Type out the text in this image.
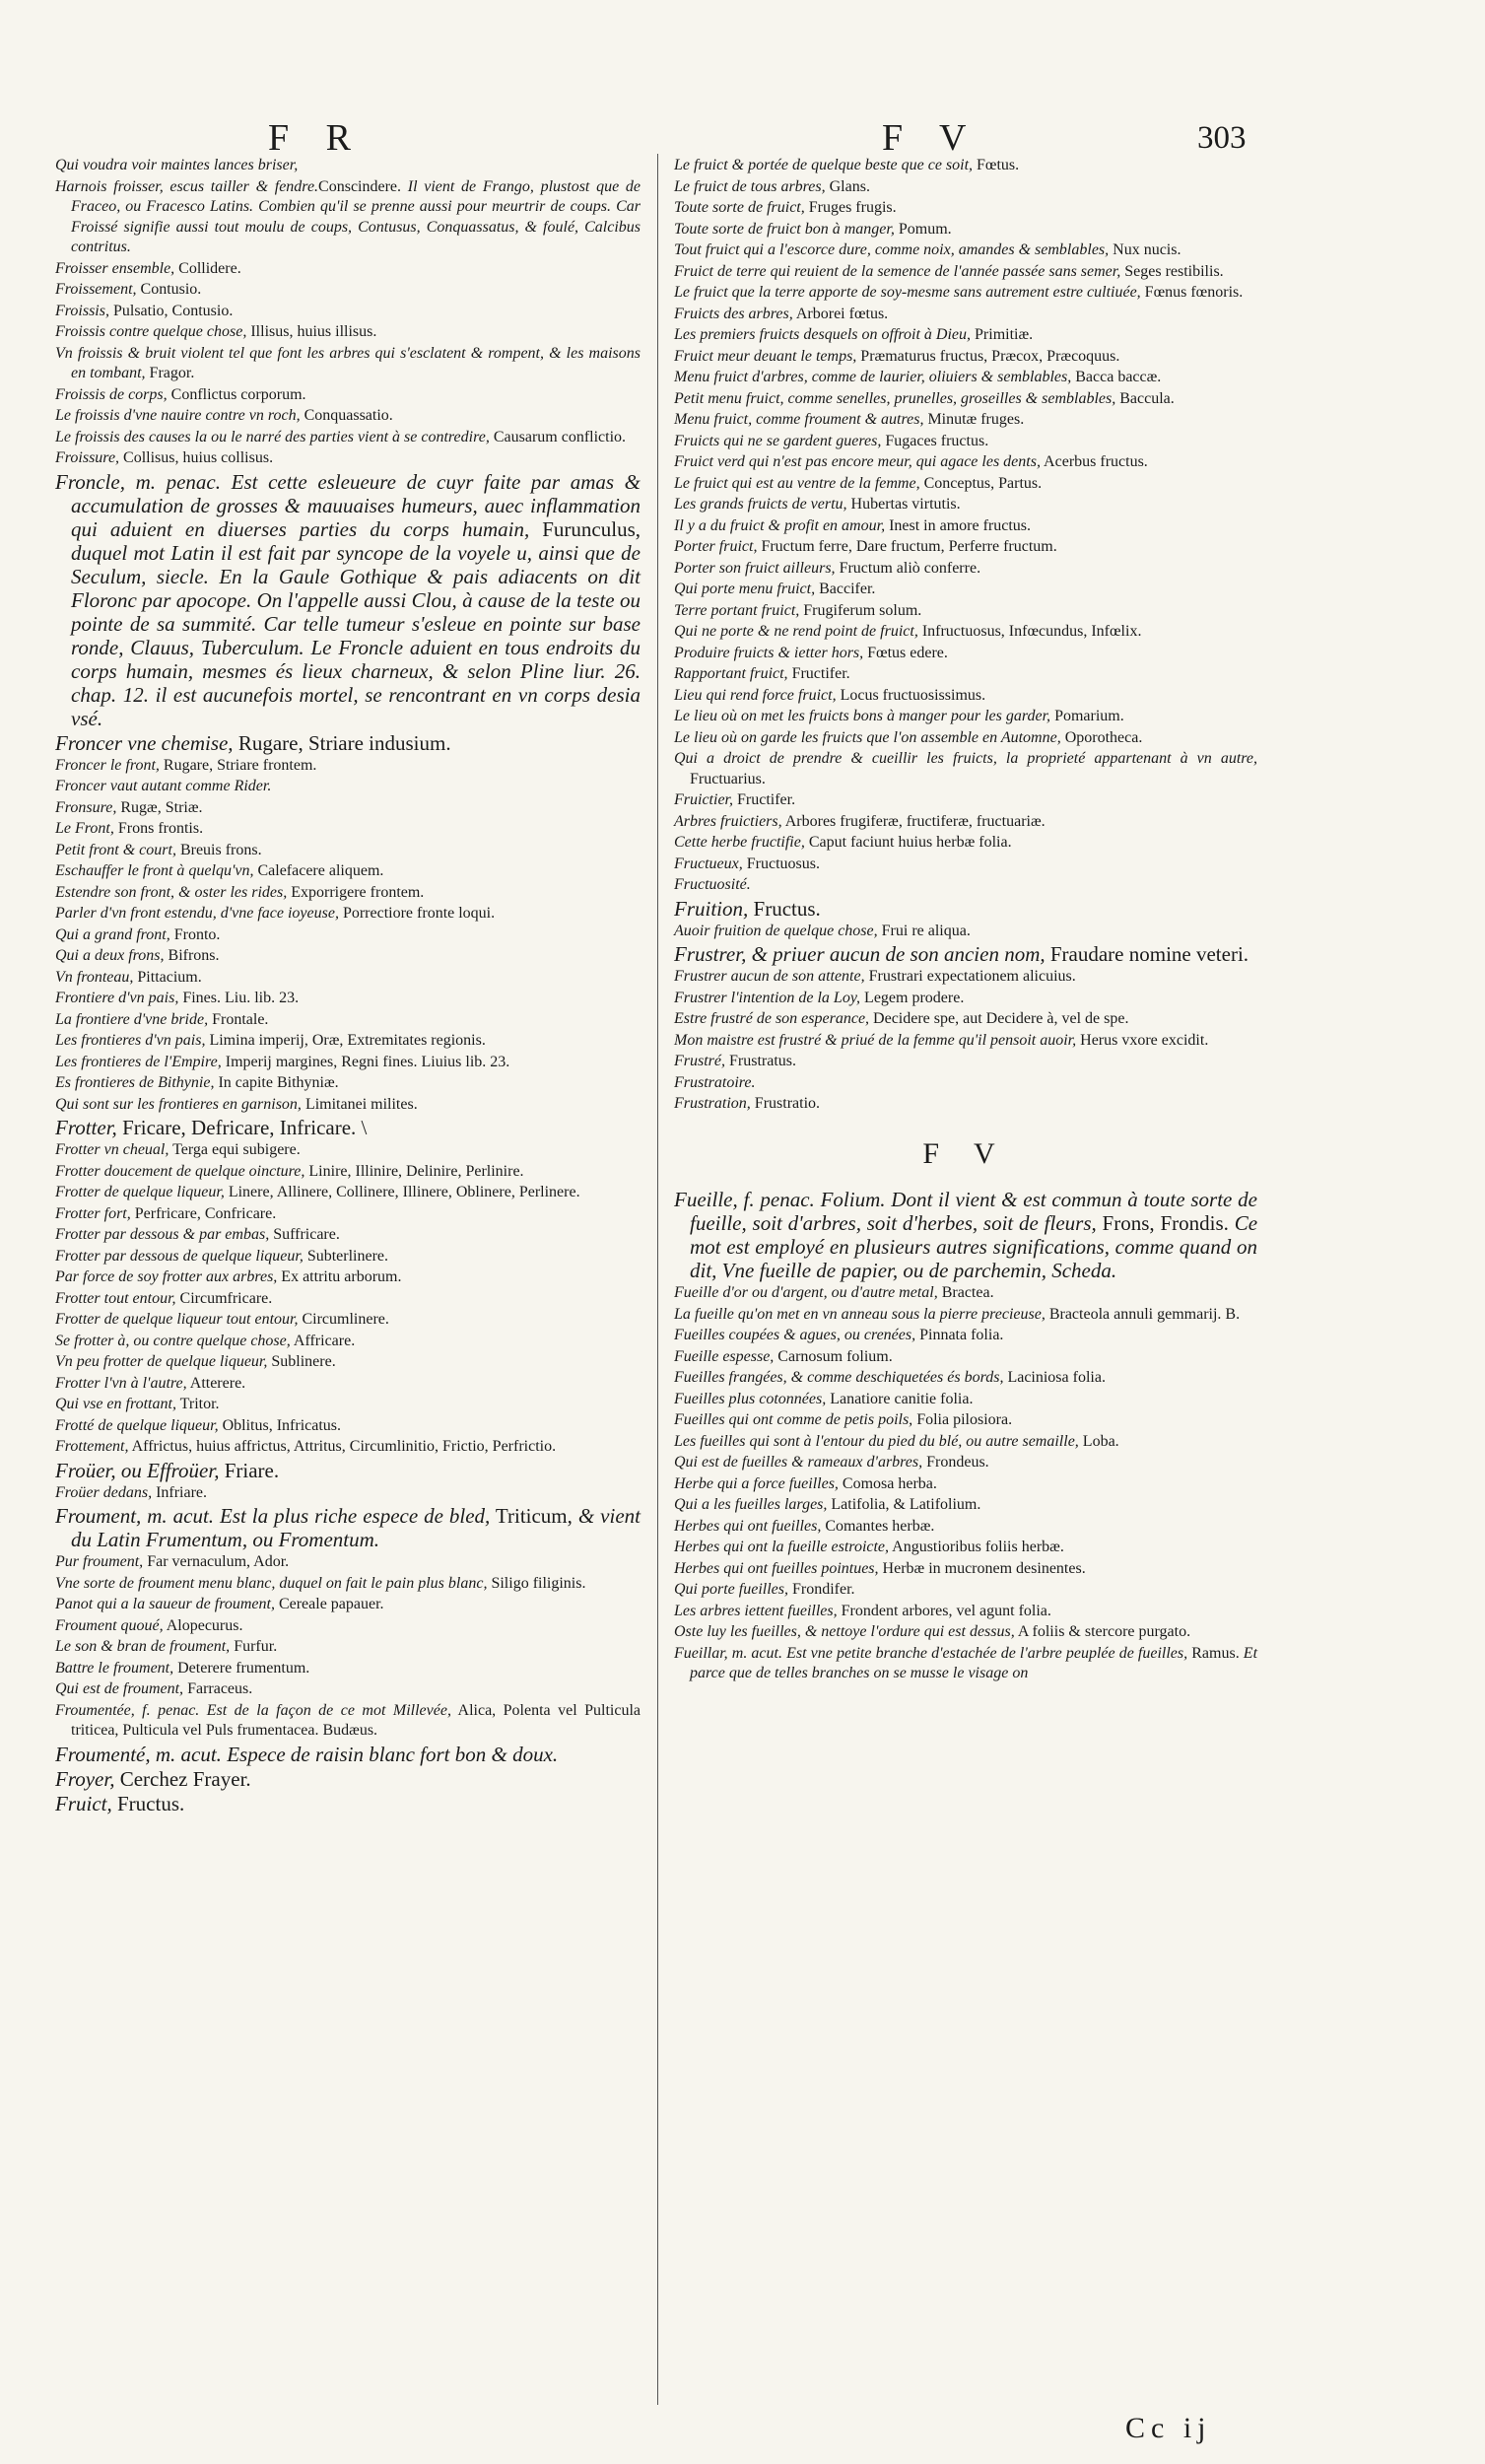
F R	F V	303
Qui voudra voir maintes lances briser,
Harnois froisser, escus tailler & fendre.Conscindere. Il vient de Frango, plustost que de Fraceo, ou Fracesco Latins. Combien qu'il se prenne aussi pour meurtrir de coups. Car Froissé signifie aussi tout moulu de coups, Contusus, Conquassatus, & foulé, Calcibus contritus.
Froisser ensemble, Collidere.
Froissement, Contusio.
Froissis, Pulsatio, Contusio.
Froissis contre quelque chose, Illisus, huius illisus.
Vn froissis & bruit violent tel que font les arbres qui s'esclatent & rompent, & les maisons en tombant, Fragor.
Froissis de corps, Conflictus corporum.
Le froissis d'vne nauire contre vn roch, Conquassatio.
Le froissis des causes la ou le narré des parties vient à se contredire, Causarum conflictio.
Froissure, Collisus, huius collisus.
Froncle, m. penac. Est cette esleueure de cuyr faite par amas & accumulation de grosses & mauuaises humeurs, auec inflammation qui aduient en diuerses parties du corps humain, Furunculus, duquel mot Latin il est fait par syncope de la voyele u, ainsi que de Seculum, siecle. En la Gaule Gothique & pais adiacents on dit Floronc par apocope. On l'appelle aussi Clou, à cause de la teste ou pointe de sa summité. Car telle tumeur s'esleue en pointe sur base ronde, Clauus, Tuberculum. Le Froncle aduient en tous endroits du corps humain, mesmes és lieux charneux, & selon Pline liur. 26. chap. 12. il est aucunefois mortel, se rencontrant en vn corps desia vsé.
Froncer vne chemise, Rugare, Striare indusium.
Froncer le front, Rugare, Striare frontem.
Froncer vaut autant comme Rider.
Fronsure, Rugæ, Striæ.
Le Front, Frons frontis.
Petit front & court, Breuis frons.
Eschauffer le front à quelqu'vn, Calefacere aliquem.
Estendre son front, & oster les rides, Exporrigere frontem.
Parler d'vn front estendu, d'vne face ioyeuse, Porrectiore fronte loqui.
Qui a grand front, Fronto.
Qui a deux frons, Bifrons.
Vn fronteau, Pittacium.
Frontiere d'vn pais, Fines. Liu. lib. 23.
La frontiere d'vne bride, Frontale.
Les frontieres d'vn pais, Limina imperij, Oræ, Extremitates regionis.
Les frontieres de l'Empire, Imperij margines, Regni fines. Liuius lib. 23.
Es frontieres de Bithynie, In capite Bithyniæ.
Qui sont sur les frontieres en garnison, Limitanei milites.
Frotter, Fricare, Defricare, Infricare. \
Frotter vn cheual, Terga equi subigere.
Frotter doucement de quelque oincture, Linire, Illinire, Delinire, Perlinire.
Frotter de quelque liqueur, Linere, Allinere, Collinere, Illinere, Oblinere, Perlinere.
Frotter fort, Perfricare, Confricare.
Frotter par dessous & par embas, Suffricare.
Frotter par dessous de quelque liqueur, Subterlinere.
Par force de soy frotter aux arbres, Ex attritu arborum.
Frotter tout entour, Circumfricare.
Frotter de quelque liqueur tout entour, Circumlinere.
Se frotter à, ou contre quelque chose, Affricare.
Vn peu frotter de quelque liqueur, Sublinere.
Frotter l'vn à l'autre, Atterere.
Qui vse en frottant, Tritor.
Frotté de quelque liqueur, Oblitus, Infricatus.
Frottement, Affrictus, huius affrictus, Attritus, Circumlinitio, Frictio, Perfrictio.
Froüer, ou Effroüer, Friare.
Froüer dedans, Infriare.
Froument, m. acut. Est la plus riche espece de bled, Triticum, & vient du Latin Frumentum, ou Fromentum.
Pur froument, Far vernaculum, Ador.
Vne sorte de froument menu blanc, duquel on fait le pain plus blanc, Siligo filiginis.
Panot qui a la saueur de froument, Cereale papauer.
Froument quoué, Alopecurus.
Le son & bran de froument, Furfur.
Battre le froument, Deterere frumentum.
Qui est de froument, Farraceus.
Froumentée, f. penac. Est de la façon de ce mot Millevée, Alica, Polenta vel Pulticula triticea, Pulticula vel Puls frumentacea. Budæus.
Froumenté, m. acut. Espece de raisin blanc fort bon & doux.
Froyer, Cerchez Frayer.
Fruict, Fructus.
Le fruict & portée de quelque beste que ce soit, Fœtus.
Le fruict de tous arbres, Glans.
Toute sorte de fruict, Fruges frugis.
Toute sorte de fruict bon à manger, Pomum.
Tout fruict qui a l'escorce dure, comme noix, amandes & semblables, Nux nucis.
Fruict de terre qui reuient de la semence de l'année passée sans semer, Seges restibilis.
Le fruict que la terre apporte de soy-mesme sans autrement estre cultiuée, Fœnus fœnoris.
Fruicts des arbres, Arborei fœtus.
Les premiers fruicts desquels on offroit à Dieu, Primitiæ.
Fruict meur deuant le temps, Præmaturus fructus, Præcox, Præcoquus.
Menu fruict d'arbres, comme de laurier, oliuiers & semblables, Bacca baccæ.
Petit menu fruict, comme senelles, prunelles, groseilles & semblables, Baccula.
Menu fruict, comme froument & autres, Minutæ fruges.
Fruicts qui ne se gardent gueres, Fugaces fructus.
Fruict verd qui n'est pas encore meur, qui agace les dents, Acerbus fructus.
Le fruict qui est au ventre de la femme, Conceptus, Partus.
Les grands fruicts de vertu, Hubertas virtutis.
Il y a du fruict & profit en amour, Inest in amore fructus.
Porter fruict, Fructum ferre, Dare fructum, Perferre fructum.
Porter son fruict ailleurs, Fructum aliò conferre.
Qui porte menu fruict, Baccifer.
Terre portant fruict, Frugiferum solum.
Qui ne porte & ne rend point de fruict, Infructuosus, Infœcundus, Infœlix.
Produire fruicts & ietter hors, Fœtus edere.
Rapportant fruict, Fructifer.
Lieu qui rend force fruict, Locus fructuosissimus.
Le lieu où on met les fruicts bons à manger pour les garder, Pomarium.
Le lieu où on garde les fruicts que l'on assemble en Automne, Oporotheca.
Qui a droict de prendre & cueillir les fruicts, la proprieté appartenant à vn autre, Fructuarius.
Fruictier, Fructifer.
Arbres fruictiers, Arbores frugiferæ, fructiferæ, fructuariæ.
Cette herbe fructifie, Caput faciunt huius herbæ folia.
Fructueux, Fructuosus.
Fructuosité.
Fruition, Fructus.
Auoir fruition de quelque chose, Frui re aliqua.
Frustrer, & priuer aucun de son ancien nom, Fraudare nomine veteri.
Frustrer aucun de son attente, Frustrari expectationem alicuius.
Frustrer l'intention de la Loy, Legem prodere.
Estre frustré de son esperance, Decidere spe, aut Decidere à, vel de spe.
Mon maistre est frustré & priué de la femme qu'il pensoit auoir, Herus vxore excidit.
Frustré, Frustratus.
Frustratoire.
Frustration, Frustratio.
F V
Fueille, f. penac. Folium. Dont il vient & est commun à toute sorte de fueille, soit d'arbres, soit d'herbes, soit de fleurs, Frons, Frondis. Ce mot est employé en plusieurs autres significations, comme quand on dit, Vne fueille de papier, ou de parchemin, Scheda.
Fueille d'or ou d'argent, ou d'autre metal, Bractea.
La fueille qu'on met en vn anneau sous la pierre precieuse, Bracteola annuli gemmarij. B.
Fueilles coupées & agues, ou crenées, Pinnata folia.
Fueille espesse, Carnosum folium.
Fueilles frangées, & comme deschiquetées és bords, Laciniosa folia.
Fueilles plus cotonnées, Lanatiore canitie folia.
Fueilles qui ont comme de petis poils, Folia pilosiora.
Les fueilles qui sont à l'entour du pied du blé, ou autre semaille, Loba.
Qui est de fueilles & rameaux d'arbres, Frondeus.
Herbe qui a force fueilles, Comosa herba.
Qui a les fueilles larges, Latifolia, & Latifolium.
Herbes qui ont fueilles, Comantes herbæ.
Herbes qui ont la fueille estroicte, Angustioribus foliis herbæ.
Herbes qui ont fueilles pointues, Herbæ in mucronem desinentes.
Qui porte fueilles, Frondifer.
Les arbres iettent fueilles, Frondent arbores, vel agunt folia.
Oste luy les fueilles, & nettoye l'ordure qui est dessus, A foliis & stercore purgato.
Fueillar, m. acut. Est vne petite branche d'estachée de l'arbre peuplée de fueilles, Ramus. Et parce que de telles branches on se musse le visage on
Cc ij
